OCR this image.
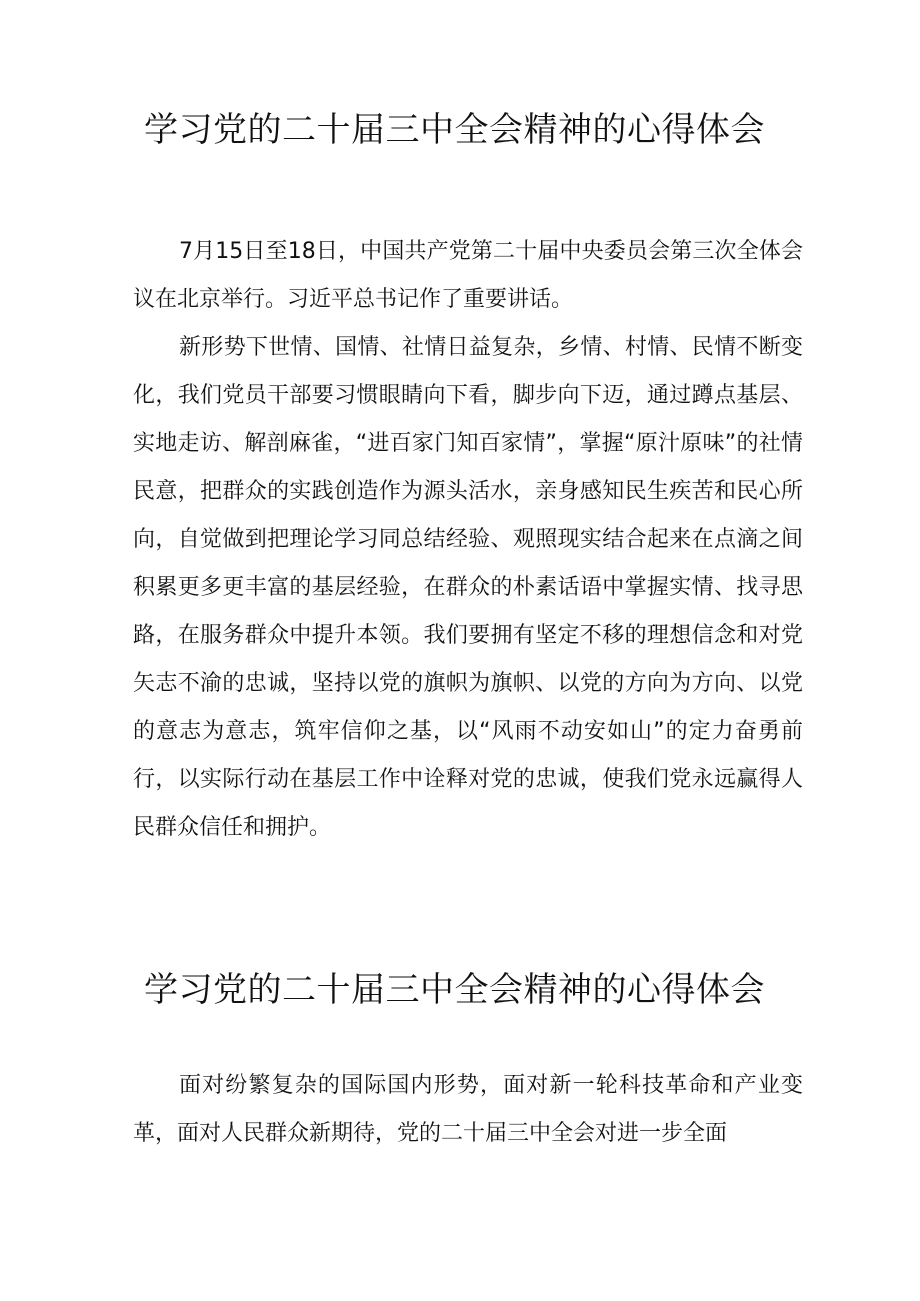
学习党的二十届三中全会精神的心得体会

7月15日至18日，中国共产党第二十届中央委员会第三次全体会议在北京举行。习近平总书记作了重要讲话。

新形势下世情、国情、社情日益复杂，乡情、村情、民情不断变化，我们党员干部要习惯眼睛向下看，脚步向下迈，通过蹲点基层、实地走访、解剖麻雀，“进百家门知百家情”，掌握“原汁原味”的社情民意，把群众的实践创造作为源头活水，亲身感知民生疾苦和民心所向，自觉做到把理论学习同总结经验、观照现实结合起来在点滴之间积累更多更丰富的基层经验，在群众的朴素话语中掌握实情、找寻思路，在服务群众中提升本领。我们要拥有坚定不移的理想信念和对党矢志不渝的忠诚，坚持以党的旗帜为旗帜、以党的方向为方向、以党的意志为意志，筑牢信仰之基，以“风雨不动安如山”的定力奋勇前行，以实际行动在基层工作中诠释对党的忠诚，使我们党永远赢得人民群众信任和拥护。

学习党的二十届三中全会精神的心得体会

面对纷繁复杂的国际国内形势，面对新一轮科技革命和产业变革，面对人民群众新期待，党的二十届三中全会对进一步全面
